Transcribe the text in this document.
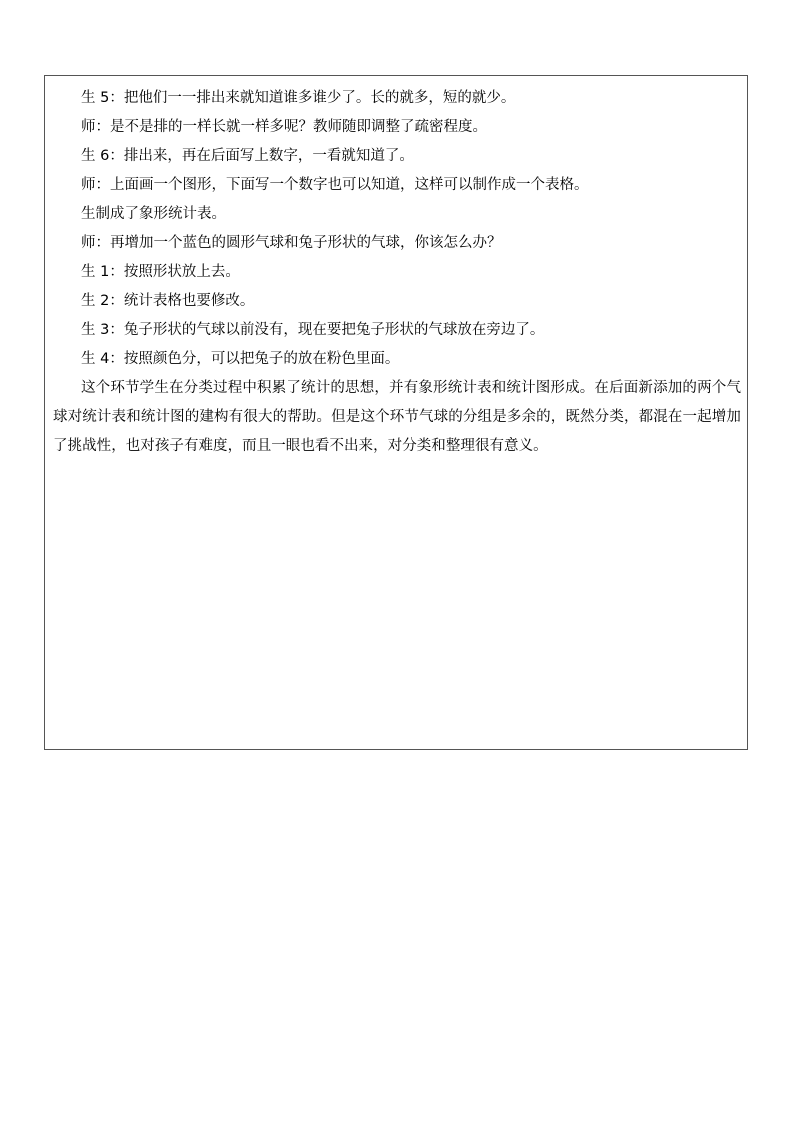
生 5：把他们一一排出来就知道谁多谁少了。长的就多，短的就少。
师：是不是排的一样长就一样多呢？教师随即调整了疏密程度。
生 6：排出来，再在后面写上数字，一看就知道了。
师：上面画一个图形，下面写一个数字也可以知道，这样可以制作成一个表格。
生制成了象形统计表。
师：再增加一个蓝色的圆形气球和兔子形状的气球，你该怎么办？
生 1：按照形状放上去。
生 2：统计表格也要修改。
生 3：兔子形状的气球以前没有，现在要把兔子形状的气球放在旁边了。
生 4：按照颜色分，可以把兔子的放在粉色里面。
这个环节学生在分类过程中积累了统计的思想，并有象形统计表和统计图形成。在后面新添加的两个气球对统计表和统计图的建构有很大的帮助。但是这个环节气球的分组是多余的，既然分类，都混在一起增加了挑战性，也对孩子有难度，而且一眼也看不出来，对分类和整理很有意义。
